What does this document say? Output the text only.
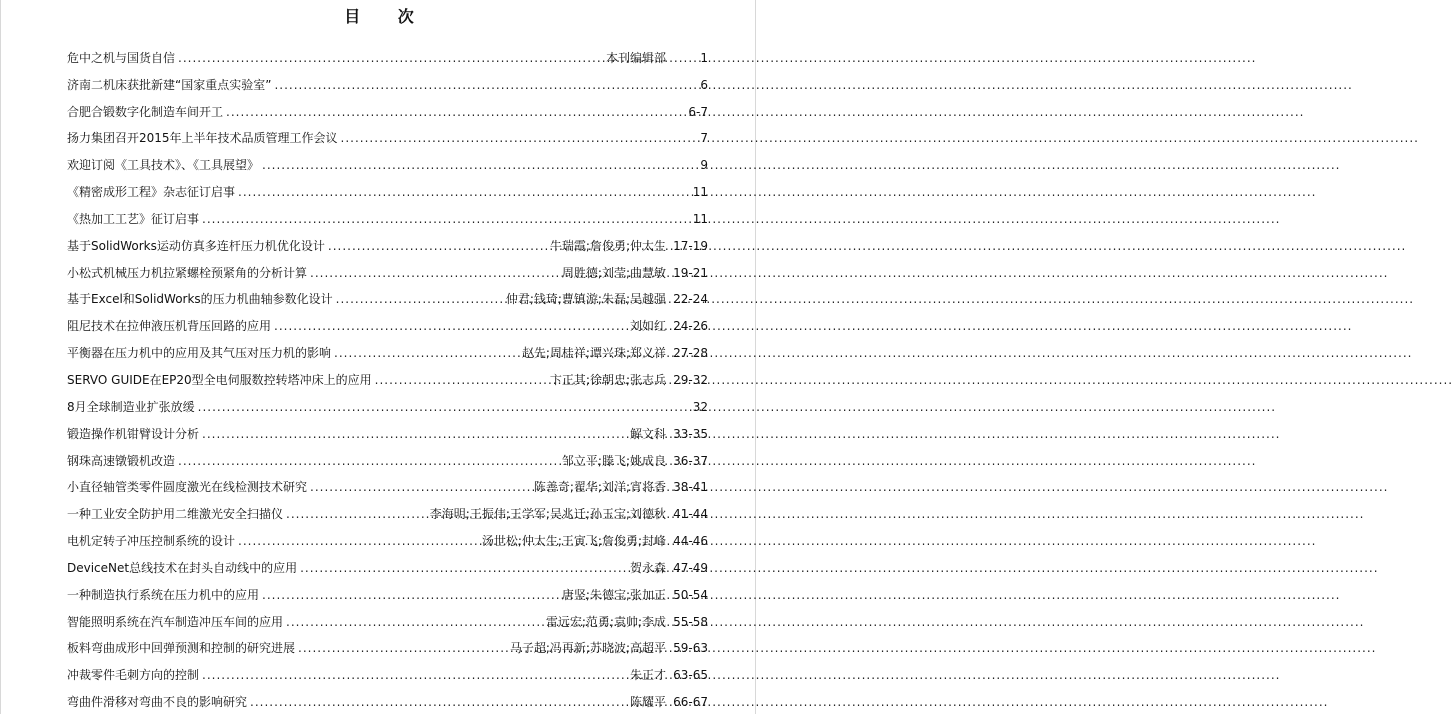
目 次
危中之机与国货自信 .....	本刊编辑部	1
济南二机床获批新建“国家重点实验室” .....	6
合肥合锻数字化制造车间开工 .....	6-7
扬力集团召开2015年上半年技术品质管理工作会议 .....	7
欢迎订阅《工具技术》、《工具展望》 .....	9
《精密成形工程》杂志征订启事 .....	11
《热加工工艺》征订启事 .....	11
基于SolidWorks运动仿真多连杆压力机优化设计 .....	牛瑞霞;詹俊勇;仲太生 17-19
小松式机械压力机拉紧螺栓预紧角的分析计算 .....	周胜德;刘莹;曲慧敏 19-21
基于Excel和SolidWorks的压力机曲轴参数化设计 .....	仲君;钱琦;曹镇游;朱磊;吴越强 22-24
阻尼技术在拉伸液压机背压回路的应用 .....	刘如红 24-26
平衡器在压力机中的应用及其气压对压力机的影响 .....	赵先;周桂祥;谭兴珠;郑义祥 27-28
SERVO GUIDE在EP20型全电伺服数控转塔冲床上的应用 .....	卞正其;徐朝忠;张志兵 29-32
8月全球制造业扩张放缓 .....	32
锻造操作机钳臂设计分析 .....	解文科 33-35
钢珠高速镦锻机改造 .....	邹立平;滕飞;姚成良 36-37
小直径轴管类零件圆度激光在线检测技术研究 .....	陈善奇;翟华;刘洋;宵将香 38-41
一种工业安全防护用二维激光安全扫描仪 .....	李海明;王振伟;王学军;吴兆迁;孙玉宝;刘德秋 41-44
电机定转子冲压控制系统的设计 .....	汤世松;仲太生;王寅飞;詹俊勇;封峰 44-46
DeviceNet总线技术在封头自动线中的应用 .....	贺永森 47-49
一种制造执行系统在压力机中的应用 .....	唐坚;朱德宝;张加正 50-54
智能照明系统在汽车制造冲压车间的应用 .....	雷远宏;范勇;袁帅;李成 55-58
板料弯曲成形中回弹预测和控制的研究进展 .....	马子超;冯再新;苏晓波;高超平 59-63
冲裁零件毛刺方向的控制 .....	朱正才 63-65
弯曲件滑移对弯曲不良的影响研究 .....	陈耀平 66-67
